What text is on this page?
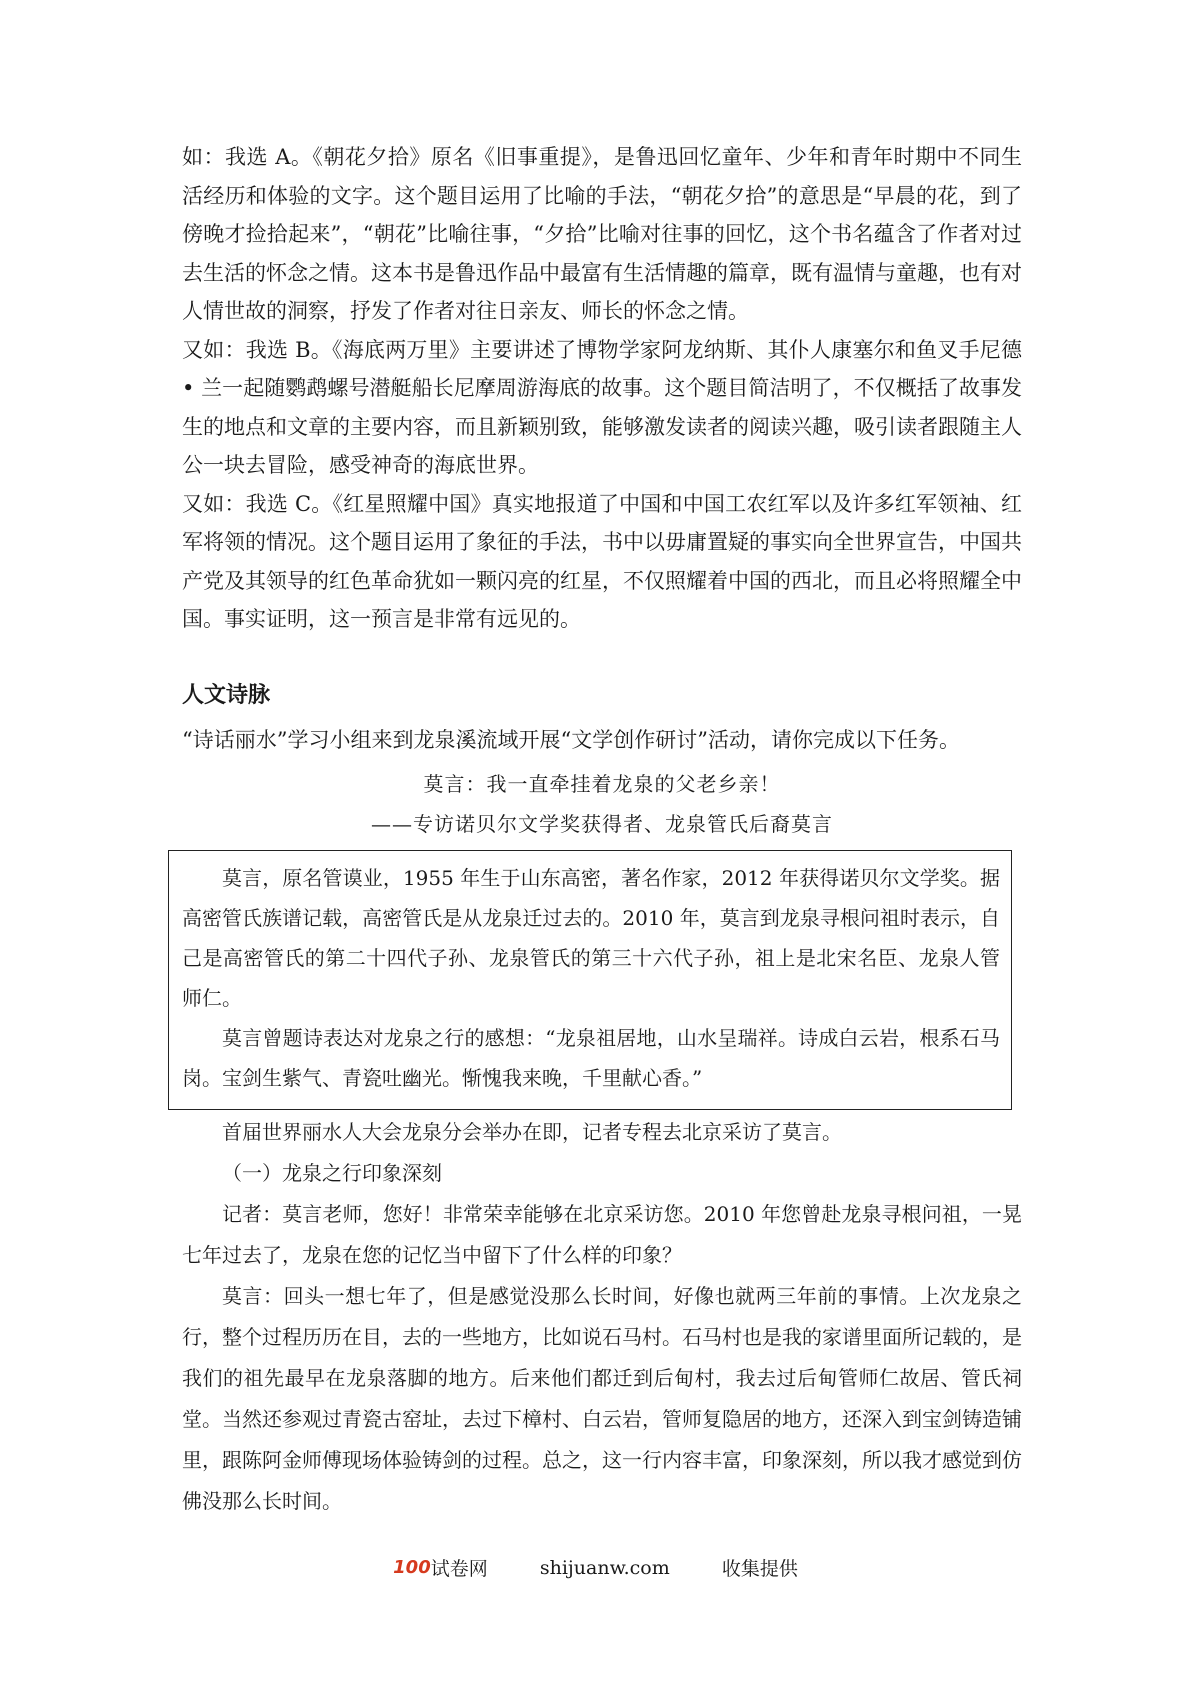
如：我选 A。《朝花夕拾》原名《旧事重提》，是鲁迅回忆童年、少年和青年时期中不同生活经历和体验的文字。这个题目运用了比喻的手法，“朝花夕拾”的意思是“早晨的花，到了傍晚才捡拾起来”，“朝花”比喻往事，“夕拾”比喻对往事的回忆，这个书名蕴含了作者对过去生活的怀念之情。这本书是鲁迅作品中最富有生活情趣的篇章，既有温情与童趣，也有对人情世故的洞察，抒发了作者对往日亲友、师长的怀念之情。

又如：我选 B。《海底两万里》主要讲述了博物学家阿龙纳斯、其仆人康塞尔和鱼叉手尼德 • 兰一起随鹦鹉螺号潜艇船长尼摩周游海底的故事。这个题目简洁明了，不仅概括了故事发生的地点和文章的主要内容，而且新颖别致，能够激发读者的阅读兴趣，吸引读者跟随主人公一块去冒险，感受神奇的海底世界。

又如：我选 C。《红星照耀中国》真实地报道了中国和中国工农红军以及许多红军领袖、红军将领的情况。这个题目运用了象征的手法，书中以毋庸置疑的事实向全世界宣告，中国共产党及其领导的红色革命犹如一颗闪亮的红星，不仅照耀着中国的西北，而且必将照耀全中国。事实证明，这一预言是非常有远见的。

人文诗脉

“诗话丽水”学习小组来到龙泉溪流域开展“文学创作研讨”活动，请你完成以下任务。

莫言：我一直牵挂着龙泉的父老乡亲！

——专访诺贝尔文学奖获得者、龙泉管氏后裔莫言

莫言，原名管谟业，1955 年生于山东高密，著名作家，2012 年获得诺贝尔文学奖。据高密管氏族谱记载，高密管氏是从龙泉迁过去的。2010 年，莫言到龙泉寻根问祖时表示，自己是高密管氏的第二十四代子孙、龙泉管氏的第三十六代子孙，祖上是北宋名臣、龙泉人管师仁。

莫言曾题诗表达对龙泉之行的感想：“龙泉祖居地，山水呈瑞祥。诗成白云岩，根系石马岗。宝剑生紫气、青瓷吐幽光。惭愧我来晚，千里献心香。”

首届世界丽水人大会龙泉分会举办在即，记者专程去北京采访了莫言。

（一）龙泉之行印象深刻

记者：莫言老师，您好！非常荣幸能够在北京采访您。2010 年您曾赴龙泉寻根问祖，一晃七年过去了，龙泉在您的记忆当中留下了什么样的印象？

莫言：回头一想七年了，但是感觉没那么长时间，好像也就两三年前的事情。上次龙泉之行，整个过程历历在目，去的一些地方，比如说石马村。石马村也是我的家谱里面所记载的，是我们的祖先最早在龙泉落脚的地方。后来他们都迁到后甸村，我去过后甸管师仁故居、管氏祠堂。当然还参观过青瓷古窑址，去过下樟村、白云岩，管师复隐居的地方，还深入到宝剑铸造铺里，跟陈阿金师傅现场体验铸剑的过程。总之，这一行内容丰富，印象深刻，所以我才感觉到仿佛没那么长时间。

100试卷网	shijuanw.com	收集提供
